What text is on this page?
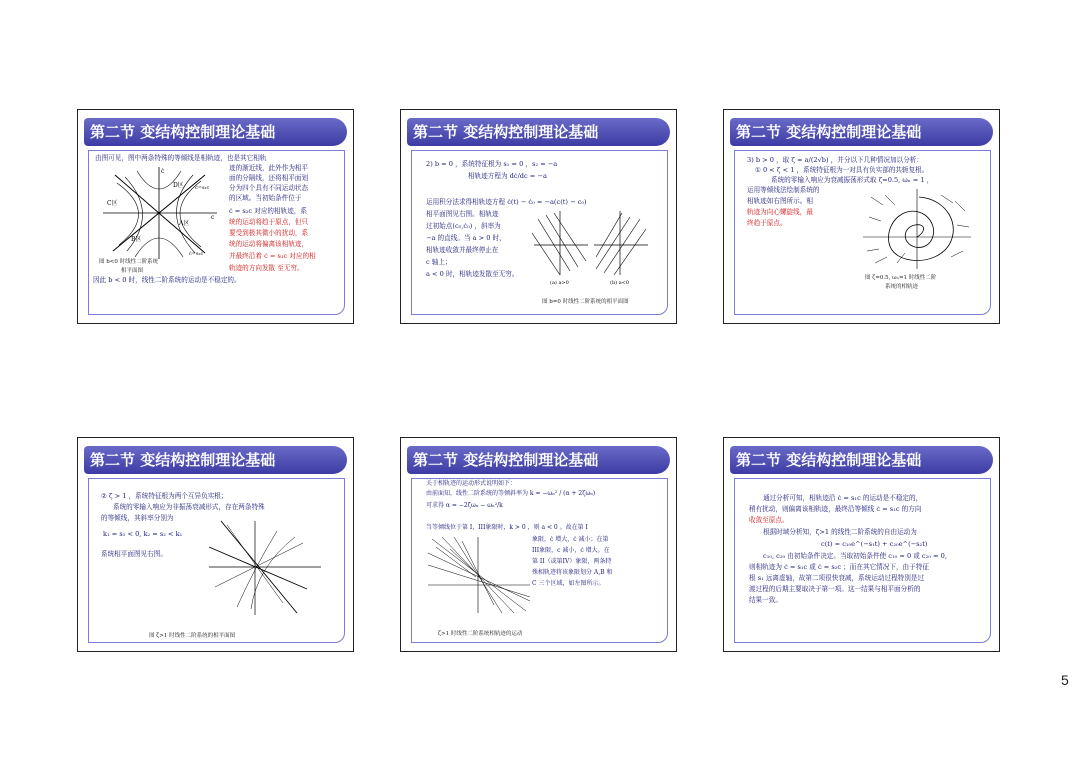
第二节 变结构控制理论基础
由图可见，图中两条特殊的等倾线是相轨迹，也是其它相轨
迹的渐近线，此外作为相平
面的分隔线，还将相平面划
分为四个具有不同运动状态
的区域。当初始条件位于
ċ = s₂c 对应的相轨迹，系
统的运动将趋于原点，但只
要受到极其微小的扰动，系
统的运动将偏离该相轨迹，
并最终沿着 ċ = s₁c 对应的相
轨迹的方向发散 至无穷。
因此 b < 0 时，线性二阶系统的运动是不稳定的。
ċ
D区
C区
A区
B区
ċ=s₁c
ċ=s₂c
c
图 b<0 时线性二阶系统
相平面图
第二节 变结构控制理论基础
2) b = 0 ，系统特征根为 s₁ = 0 ，s₂ = −a
相轨迹方程为 dċ/dc = −a
运用积分法求得相轨迹方程 ċ(t) − ċ₀ = −a(c(t) − c₀)
相平面图见右图。相轨迹
过初始点(c₀,ċ₀) ，斜率为
−a 的直线。当 a > 0 时，
相轨迹收敛并最终停止在
c 轴上；
a < 0 时，相轨迹发散至无穷。
(a) a>0	(b) a<0
图 b=0 时线性二阶系统的相平面图
第二节 变结构控制理论基础
3) b > 0 ，取 ζ = a/(2√b) ，并分以下几种情况加以分析：
① 0 < ζ < 1 ，系统特征根为一对具有负实部的共轭复根。
系统的零输入响应为衰减振荡形式取 ζ=0.5, ωₙ = 1 ，
运用等倾线法绘制系统的
相轨迹如右图所示。相
轨迹为向心螺旋线，最
终趋于原点。
图 ζ=0.5, ωₙ=1 时线性二阶
系统的相轨迹
第二节 变结构控制理论基础
② ζ > 1 ，系统特征根为两个互异负实根；
系统的零输入响应为非振荡衰减形式，存在两条特殊
的等倾线，其斜率分别为
k₁ = s₁ < 0, k₂ = s₂ < k₁
系统相平面图见右图。
图 ζ>1 时线性二阶系统的相平面图
第二节 变结构控制理论基础
关于相轨迹的运动形式说明如下：
由前面知，线性二阶系统的等倾斜率为 k = −ωₙ² / (α + 2ζωₙ)
可求得 α = −2ζωₙ − ωₙ²/k
当等倾线位于第 I，III象限时，k > 0 ，则 a < 0 。故在第 I
象限，ċ 增大，ċ 减小；在第
III象限，c 减小，ċ 增大。在
第 II（或第IV）象限，两条特
殊相轨迹将该象限划分 A,B 和
C 三个区域，如左图所示。
ζ>1 时线性二阶系统相轨迹的运动
第二节 变结构控制理论基础
通过分析可知，相轨迹沿 ċ = s₁c 的运动是不稳定的，
稍有扰动，则偏离该相轨迹，最终沿等倾线 ċ = s₁c 的方向
收敛至原点。
根据时域分析知，ζ>1 的线性二阶系统的自由运动为
c(t) = c₁₀e^(−s₁t) + c₂₀e^(−s₂t)
c₁₀, c₂₀ 由初始条件决定。当取初始条件使 c₁₀ = 0 或 c₂₀ = 0,
则相轨迹为 ċ = s₁c 或 ċ = s₂c ；而在其它情况下，由于特征
根 s₁ 远离虚轴，故第二项很快衰减，系统运动过程特别是过
渡过程的后期主要取决于第一项。这一结果与相平面分析的
结果一致。
5
